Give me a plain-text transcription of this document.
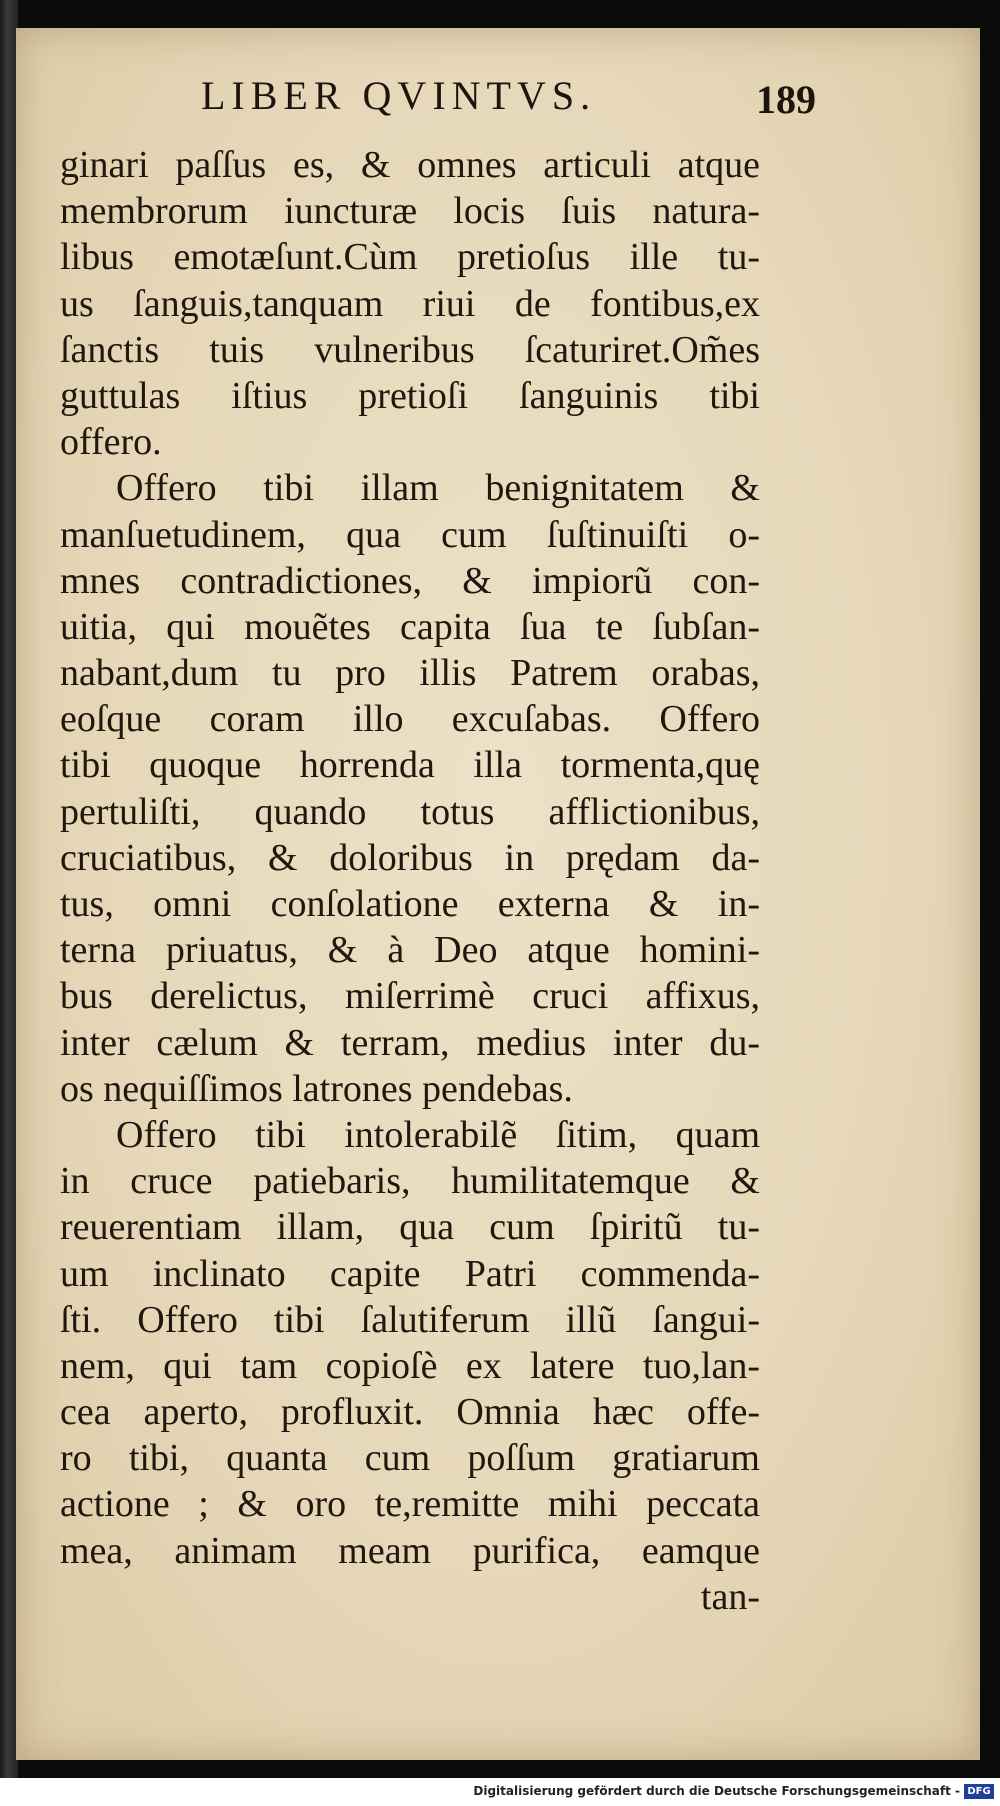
LIBER QVINTVS.	189
ginari paſſus es, & omnes articuli atque
membrorum iuncturæ locis ſuis natura-
libus emotæſunt.Cùm pretioſus ille tu-
us ſanguis,tanquam riui de fontibus,ex
ſanctis tuis vulneribus ſcaturiret.Om̃es
guttulas iſtius pretioſi ſanguinis tibi
offero.
Offero tibi illam benignitatem &
manſuetudinem, qua cum ſuſtinuiſti o-
mnes contradictiones, & impiorũ con-
uitia, qui mouẽtes capita ſua te ſubſan-
nabant,dum tu pro illis Patrem orabas,
eoſque coram illo excuſabas. Offero
tibi quoque horrenda illa tormenta,quę
pertuliſti, quando totus afflictionibus,
cruciatibus, & doloribus in prędam da-
tus, omni conſolatione externa & in-
terna priuatus, & à Deo atque homini-
bus derelictus, miſerrimè cruci affixus,
inter cælum & terram, medius inter du-
os nequiſſimos latrones pendebas.
Offero tibi intolerabilẽ ſitim, quam
in cruce patiebaris, humilitatemque &
reuerentiam illam, qua cum ſpiritũ tu-
um inclinato capite Patri commenda-
ſti. Offero tibi ſalutiferum illũ ſangui-
nem, qui tam copioſè ex latere tuo,lan-
cea aperto, profluxit. Omnia hæc offe-
ro tibi, quanta cum poſſum gratiarum
actione ; & oro te,remitte mihi peccata
mea, animam meam purifica, eamque
tan-
Digitalisierung gefördert durch die Deutsche Forschungsgemeinschaft - DFG
